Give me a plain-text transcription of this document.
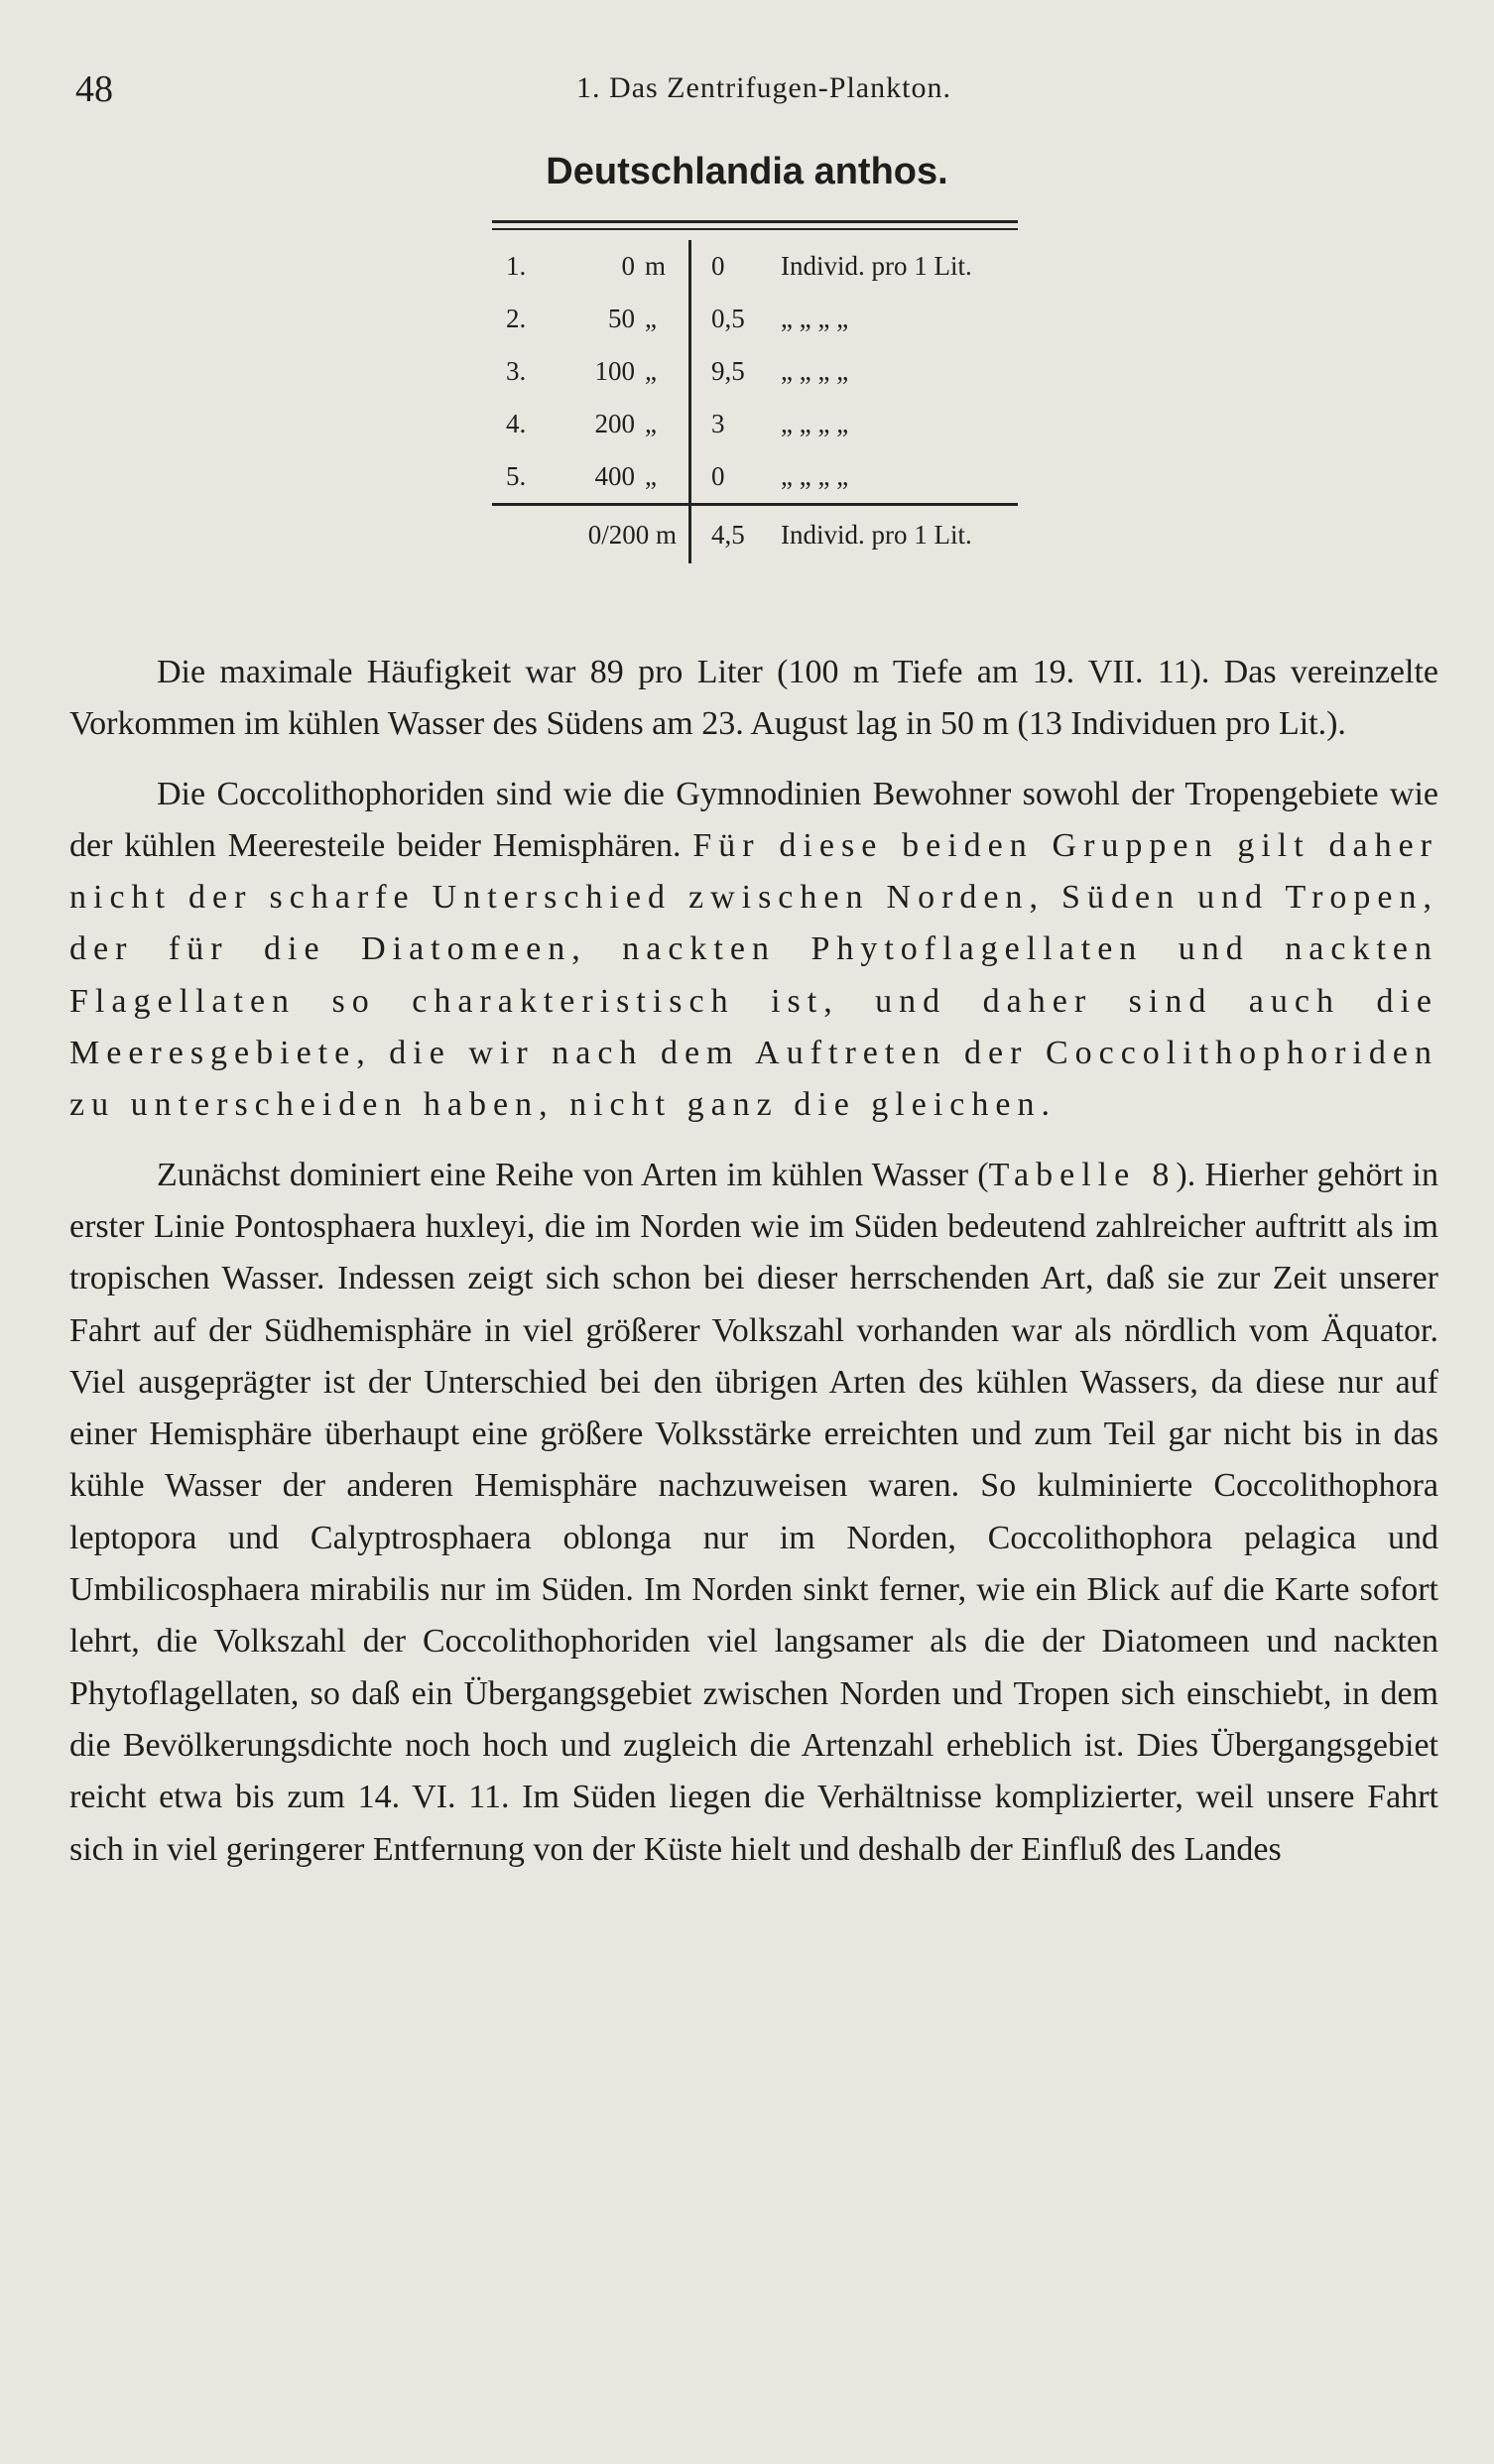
48	1. Das Zentrifugen-Plankton.
Deutschlandia anthos.
1.	0	m	0	Individ. pro 1 Lit.
2.	50	„	0,5	„ „ „ „
3.	100	„	9,5	„ „ „ „
4.	200	„	3	„ „ „ „
5.	400	„	0	„ „ „ „
0/200 m			4,5	Individ. pro 1 Lit.

Die maximale Häufigkeit war 89 pro Liter (100 m Tiefe am 19. VII. 11). Das vereinzelte Vorkommen im kühlen Wasser des Südens am 23. August lag in 50 m (13 Individuen pro Lit.).

Die Coccolithophoriden sind wie die Gymnodinien Bewohner sowohl der Tropengebiete wie der kühlen Meeresteile beider Hemisphären. Für diese beiden Gruppen gilt daher nicht der scharfe Unterschied zwischen Norden, Süden und Tropen, der für die Diatomeen, nackten Phytoflagellaten und nackten Flagellaten so charakteristisch ist, und daher sind auch die Meeresgebiete, die wir nach dem Auftreten der Coccolithophoriden zu unterscheiden haben, nicht ganz die gleichen.

Zunächst dominiert eine Reihe von Arten im kühlen Wasser (Tabelle 8). Hierher gehört in erster Linie Pontosphaera huxleyi, die im Norden wie im Süden bedeutend zahlreicher auftritt als im tropischen Wasser. Indessen zeigt sich schon bei dieser herrschenden Art, daß sie zur Zeit unserer Fahrt auf der Südhemisphäre in viel größerer Volkszahl vorhanden war als nördlich vom Äquator. Viel ausgeprägter ist der Unterschied bei den übrigen Arten des kühlen Wassers, da diese nur auf einer Hemisphäre überhaupt eine größere Volksstärke erreichten und zum Teil gar nicht bis in das kühle Wasser der anderen Hemisphäre nachzuweisen waren. So kulminierte Coccolithophora leptopora und Calyptrosphaera oblonga nur im Norden, Coccolithophora pelagica und Umbilicosphaera mirabilis nur im Süden. Im Norden sinkt ferner, wie ein Blick auf die Karte sofort lehrt, die Volkszahl der Coccolithophoriden viel langsamer als die der Diatomeen und nackten Phytoflagellaten, so daß ein Übergangsgebiet zwischen Norden und Tropen sich einschiebt, in dem die Bevölkerungsdichte noch hoch und zugleich die Artenzahl erheblich ist. Dies Übergangsgebiet reicht etwa bis zum 14. VI. 11. Im Süden liegen die Verhältnisse komplizierter, weil unsere Fahrt sich in viel geringerer Entfernung von der Küste hielt und deshalb der Einfluß des Landes
